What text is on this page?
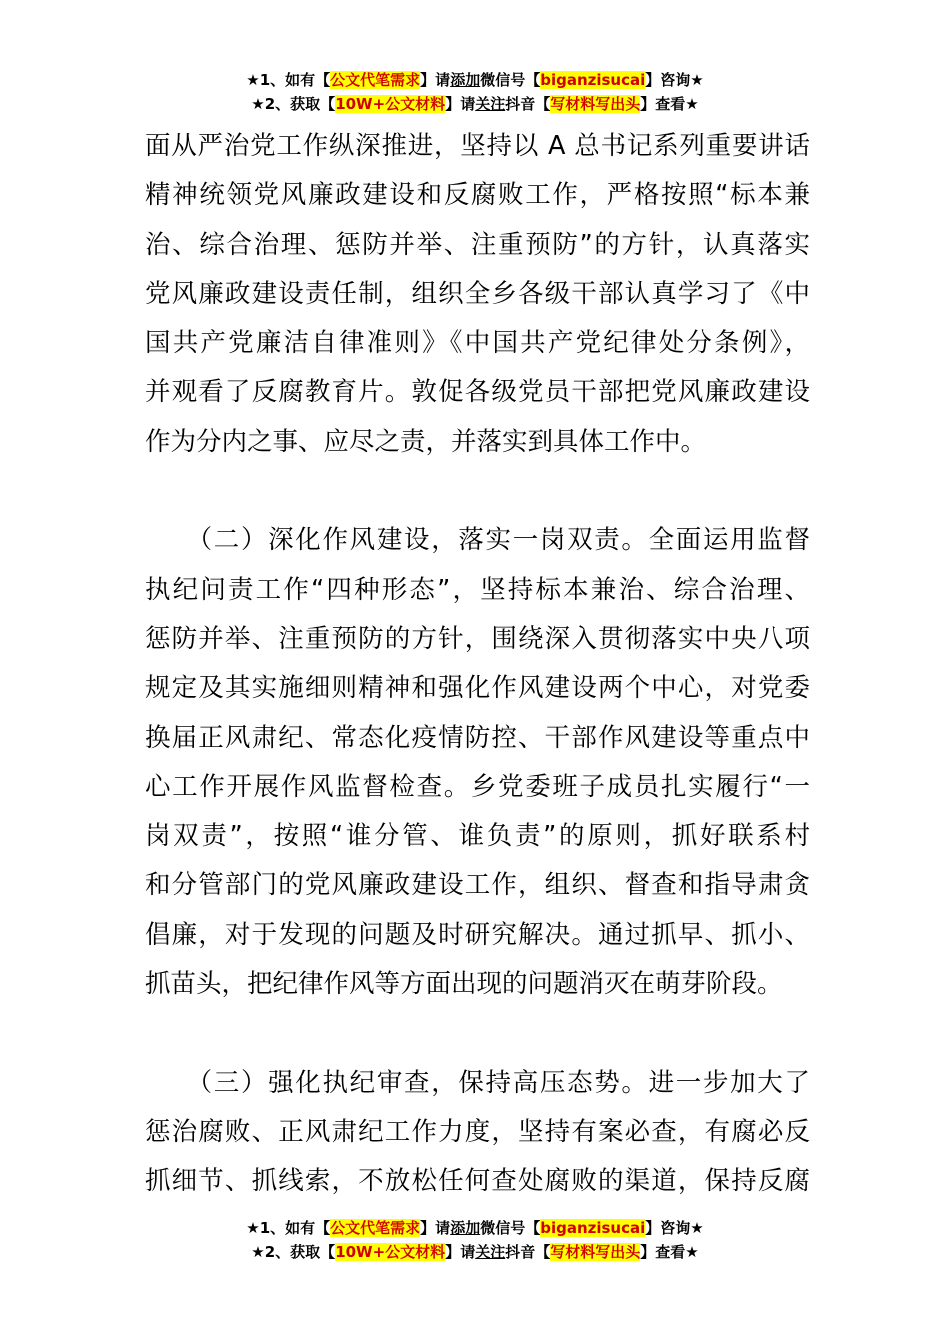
★1、如有【公文代笔需求】请添加微信号【biganzisucai】咨询★
★2、获取【10W+公文材料】请关注抖音【写材料写出头】查看★
面从严治党工作纵深推进，坚持以 A 总书记系列重要讲话
精神统领党风廉政建设和反腐败工作，严格按照“标本兼
治、综合治理、惩防并举、注重预防”的方针，认真落实
党风廉政建设责任制，组织全乡各级干部认真学习了《中
国共产党廉洁自律准则》《中国共产党纪律处分条例》，
并观看了反腐教育片。敦促各级党员干部把党风廉政建设
作为分内之事、应尽之责，并落实到具体工作中。
　　（二）深化作风建设，落实一岗双责。全面运用监督
执纪问责工作“四种形态”，坚持标本兼治、综合治理、
惩防并举、注重预防的方针，围绕深入贯彻落实中央八项
规定及其实施细则精神和强化作风建设两个中心，对党委
换届正风肃纪、常态化疫情防控、干部作风建设等重点中
心工作开展作风监督检查。乡党委班子成员扎实履行“一
岗双责”，按照“谁分管、谁负责”的原则，抓好联系村
和分管部门的党风廉政建设工作，组织、督查和指导肃贪
倡廉，对于发现的问题及时研究解决。通过抓早、抓小、
抓苗头，把纪律作风等方面出现的问题消灭在萌芽阶段。
　　（三）强化执纪审查，保持高压态势。进一步加大了
惩治腐败、正风肃纪工作力度，坚持有案必查，有腐必反
抓细节、抓线索，不放松任何查处腐败的渠道，保持反腐
★1、如有【公文代笔需求】请添加微信号【biganzisucai】咨询★
★2、获取【10W+公文材料】请关注抖音【写材料写出头】查看★
